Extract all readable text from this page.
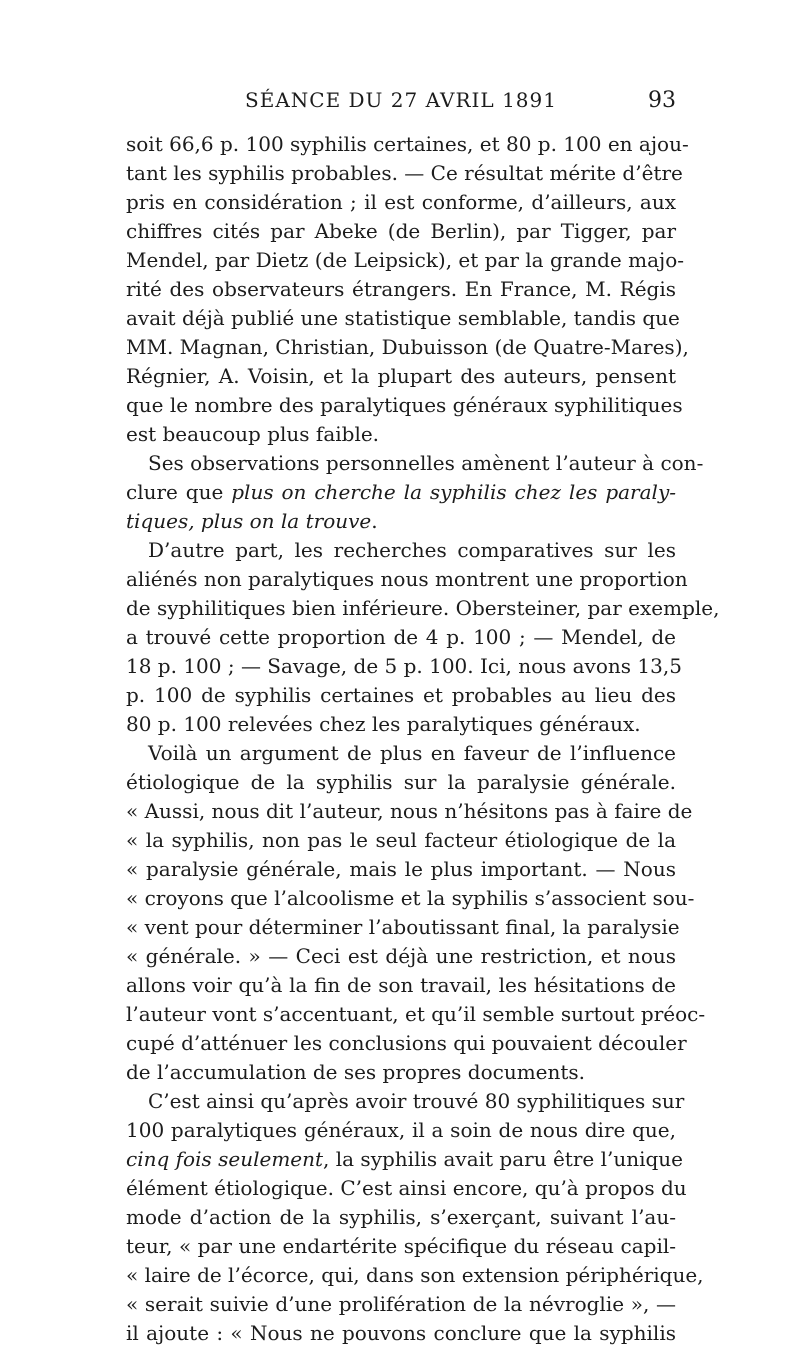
SÉANCE DU 27 AVRIL 1891	93
soit 66,6 p. 100 syphilis certaines, et 80 p. 100 en ajou-
tant les syphilis probables. — Ce résultat mérite d’être
pris en considération ; il est conforme, d’ailleurs, aux
chiffres cités par Abeke (de Berlin), par Tigger, par
Mendel, par Dietz (de Leipsick), et par la grande majo-
rité des observateurs étrangers. En France, M. Régis
avait déjà publié une statistique semblable, tandis que
MM. Magnan, Christian, Dubuisson (de Quatre-Mares),
Régnier, A. Voisin, et la plupart des auteurs, pensent
que le nombre des paralytiques généraux syphilitiques
est beaucoup plus faible.
Ses observations personnelles amènent l’auteur à con-
clure que plus on cherche la syphilis chez les paraly-
tiques, plus on la trouve.
D’autre part, les recherches comparatives sur les
aliénés non paralytiques nous montrent une proportion
de syphilitiques bien inférieure. Obersteiner, par exemple,
a trouvé cette proportion de 4 p. 100 ; — Mendel, de
18 p. 100 ; — Savage, de 5 p. 100. Ici, nous avons 13,5
p. 100 de syphilis certaines et probables au lieu des
80 p. 100 relevées chez les paralytiques généraux.
Voilà un argument de plus en faveur de l’influence
étiologique de la syphilis sur la paralysie générale.
« Aussi, nous dit l’auteur, nous n’hésitons pas à faire de
« la syphilis, non pas le seul facteur étiologique de la
« paralysie générale, mais le plus important. — Nous
« croyons que l’alcoolisme et la syphilis s’associent sou-
« vent pour déterminer l’aboutissant final, la paralysie
« générale. » — Ceci est déjà une restriction, et nous
allons voir qu’à la fin de son travail, les hésitations de
l’auteur vont s’accentuant, et qu’il semble surtout préoc-
cupé d’atténuer les conclusions qui pouvaient découler
de l’accumulation de ses propres documents.
C’est ainsi qu’après avoir trouvé 80 syphilitiques sur
100 paralytiques généraux, il a soin de nous dire que,
cinq fois seulement, la syphilis avait paru être l’unique
élément étiologique. C’est ainsi encore, qu’à propos du
mode d’action de la syphilis, s’exerçant, suivant l’au-
teur, « par une endartérite spécifique du réseau capil-
« laire de l’écorce, qui, dans son extension périphérique,
« serait suivie d’une prolifération de la névroglie », —
il ajoute : « Nous ne pouvons conclure que la syphilis
